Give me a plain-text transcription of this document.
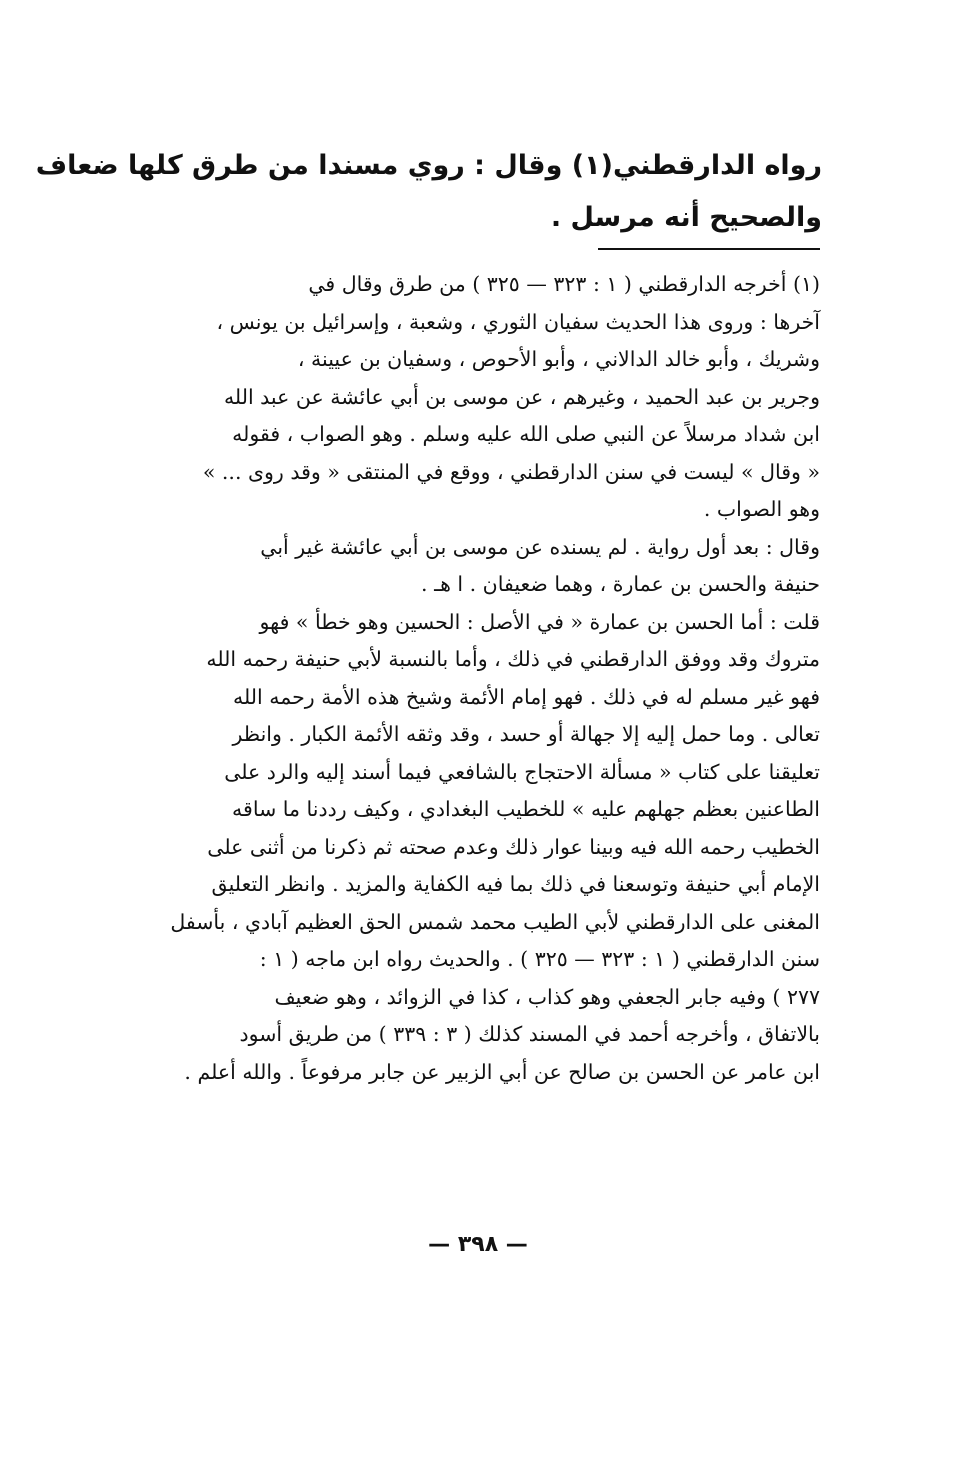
رواه الدارقطني(١) وقال : روي مسندا من طرق كلها ضعاف
والصحيح أنه مرسل .

(١) أخرجه الدارقطني ( ١ : ٣٢٣ — ٣٢٥ ) من طرق وقال في
آخرها : وروى هذا الحديث سفيان الثوري ، وشعبة ، وإسرائيل بن يونس ،
وشريك ، وأبو خالد الدالاني ، وأبو الأحوص ، وسفيان بن عيينة ،
وجرير بن عبد الحميد ، وغيرهم ، عن موسى بن أبي عائشة عن عبد الله
ابن شداد مرسلاً عن النبي صلى الله عليه وسلم . وهو الصواب ، فقوله
« وقال » ليست في سنن الدارقطني ، ووقع في المنتقى « وقد روى ... »
وهو الصواب .

وقال : بعد أول رواية . لم يسنده عن موسى بن أبي عائشة غير أبي
حنيفة والحسن بن عمارة ، وهما ضعيفان . ا هـ .

قلت : أما الحسن بن عمارة « في الأصل : الحسين وهو خطأ » فهو
متروك وقد ووفق الدارقطني في ذلك ، وأما بالنسبة لأبي حنيفة رحمه الله
فهو غير مسلم له في ذلك . فهو إمام الأئمة وشيخ هذه الأمة رحمه الله
تعالى . وما حمل إليه إلا جهالة أو حسد ، وقد وثقه الأئمة الكبار . وانظر
تعليقنا على كتاب « مسألة الاحتجاج بالشافعي فيما أسند إليه والرد على
الطاعنين بعظم جهلهم عليه » للخطيب البغدادي ، وكيف رددنا ما ساقه
الخطيب رحمه الله فيه وبينا عوار ذلك وعدم صحته ثم ذكرنا من أثنى على
الإمام أبي حنيفة وتوسعنا في ذلك بما فيه الكفاية والمزيد . وانظر التعليق
المغنى على الدارقطني لأبي الطيب محمد شمس الحق العظيم آبادي ، بأسفل
سنن الدارقطني ( ١ : ٣٢٣ — ٣٢٥ ) . والحديث رواه ابن ماجه ( ١ :
٢٧٧ ) وفيه جابر الجعفي وهو كذاب ، كذا في الزوائد ، وهو ضعيف
بالاتفاق ، وأخرجه أحمد في المسند كذلك ( ٣ : ٣٣٩ ) من طريق أسود
ابن عامر عن الحسن بن صالح عن أبي الزبير عن جابر مرفوعاً . والله أعلم .

— ٣٩٨ —
